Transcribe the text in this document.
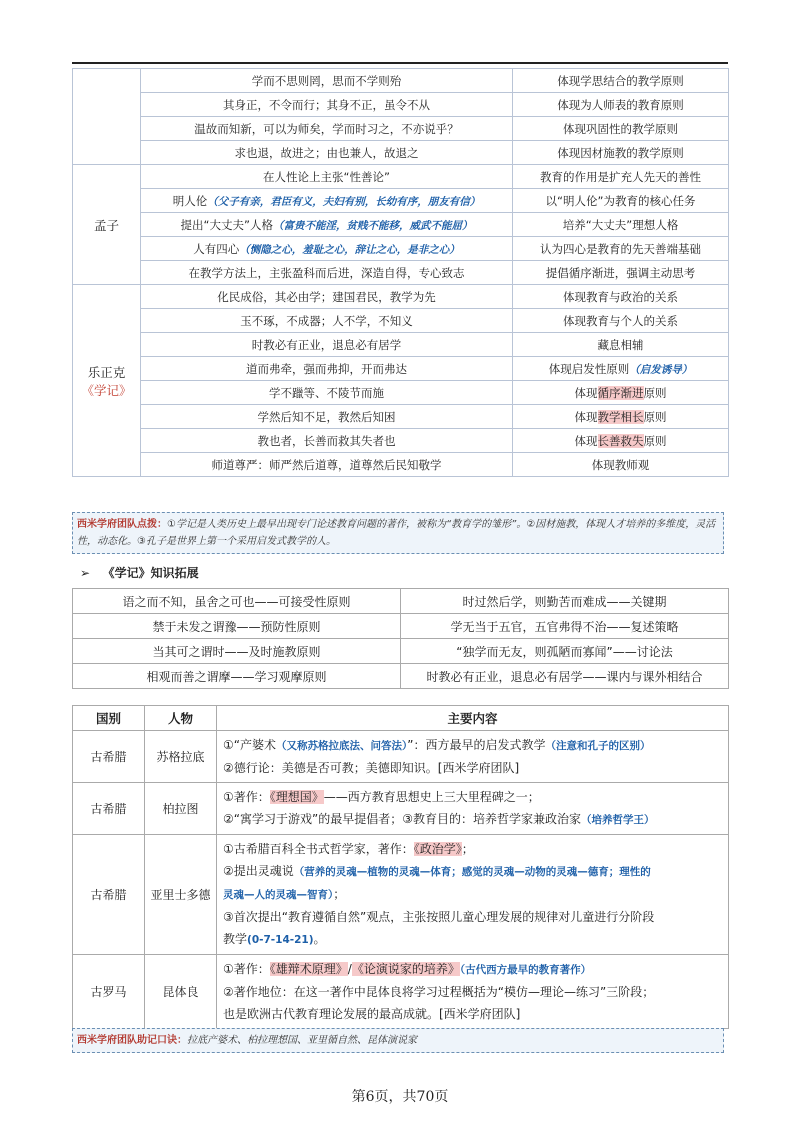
	学而不思则罔，思而不学则殆	体现学思结合的教学原则
	其身正，不令而行；其身不正，虽令不从	体现为人师表的教育原则
	温故而知新，可以为师矣，学而时习之，不亦说乎？	体现巩固性的教学原则
	求也退，故进之；由也兼人，故退之	体现因材施教的教学原则

孟子	在人性论上主张“性善论”	教育的作用是扩充人先天的善性
	明人伦（父子有亲，君臣有义，夫妇有别，长幼有序，朋友有信）	以“明人伦”为教育的核心任务
	提出“大丈夫”人格（富贵不能淫，贫贱不能移，威武不能屈）	培养“大丈夫”理想人格
	人有四心（恻隐之心，羞耻之心，辞让之心，是非之心）	认为四心是教育的先天善端基础
	在教学方法上，主张盈科而后进，深造自得，专心致志	提倡循序渐进，强调主动思考

乐正克
《学记》	化民成俗，其必由学；建国君民，教学为先	体现教育与政治的关系
	玉不琢，不成器；人不学，不知义	体现教育与个人的关系
	时教必有正业，退息必有居学	藏息相辅
	道而弗牵，强而弗抑，开而弗达	体现启发性原则（启发诱导）
	学不躐等、不陵节而施	体现循序渐进原则
	学然后知不足，教然后知困	体现教学相长原则
	教也者，长善而救其失者也	体现长善救失原则
	师道尊严：师严然后道尊，道尊然后民知敬学	体现教师观
西米学府团队点拨：①学记是人类历史上最早出现专门论述教育问题的著作，被称为“教育学的雏形”。②因材施教，体现人才培养的多维度，灵活性，动态化。③孔子是世界上第一个采用启发式教学的人。
➢   《学记》知识拓展
语之而不知，虽舍之可也——可接受性原则	时过然后学，则勤苦而难成——关键期
禁于未发之谓豫——预防性原则	学无当于五官，五官弗得不治——复述策略
当其可之谓时——及时施教原则	“独学而无友，则孤陋而寡闻”——讨论法
相观而善之谓摩——学习观摩原则	时教必有正业，退息必有居学——课内与课外相结合
国别	人物	主要内容
古希腊	苏格拉底	①“产婆术（又称苏格拉底法、问答法）”：西方最早的启发式教学（注意和孔子的区别）
②德行论：美德是否可教；美德即知识。[西米学府团队]

古希腊	柏拉图	①著作：《理想国》——西方教育思想史上三大里程碑之一；
②“寓学习于游戏”的最早提倡者；③教育目的：培养哲学家兼政治家（培养哲学王）

古希腊	亚里士多德	①古希腊百科全书式哲学家，著作：《政治学》；
②提出灵魂说（营养的灵魂—植物的灵魂—体育；感觉的灵魂—动物的灵魂—德育；理性的
灵魂—人的灵魂—智育）；
③首次提出“教育遵循自然”观点，主张按照儿童心理发展的规律对儿童进行分阶段
教学(0-7-14-21)。

古罗马	昆体良	①著作：《雄辩术原理》/《论演说家的培养》（古代西方最早的教育著作）
②著作地位：在这一著作中昆体良将学习过程概括为“模仿—理论—练习”三阶段；
也是欧洲古代教育理论发展的最高成就。[西米学府团队]
西米学府团队助记口诀：拉底产婆术、柏拉理想国、亚里循自然、昆体演说家
第6页，共70页
